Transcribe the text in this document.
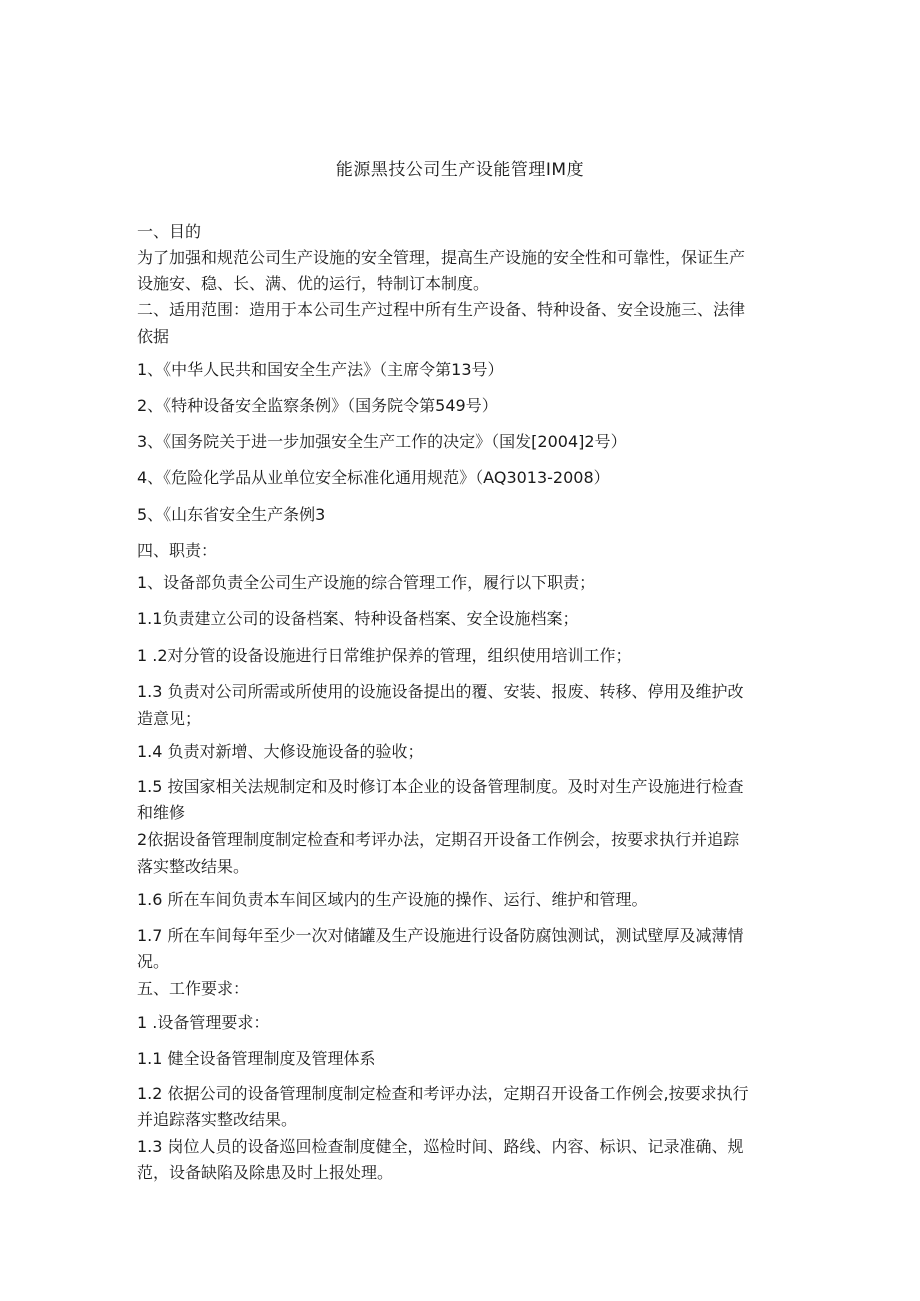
能源黑技公司生产设能管理IM度
一、目的
为了加强和规范公司生产设施的安全管理，提高生产设施的安全性和可靠性，保证生产
设施安、稳、长、满、优的运行，特制订本制度。
二、适用范围：造用于本公司生产过程中所有生产设备、特种设备、安全设施三、法律
依据
1、《中华人民共和国安全生产法》（主席令第13号）
2、《特种设备安全监察条例》（国务院令第549号）
3、《国务院关于进一步加强安全生产工作的决定》（国发[2004]2号）
4、《危险化学品从业单位安全标准化通用规范》（AQ3013-2008）
5、《山东省安全生产条例3
四、职责：
1、设备部负责全公司生产设施的综合管理工作，履行以下职责；
1.1负责建立公司的设备档案、特种设备档案、安全设施档案；
1 .2对分管的设备设施进行日常维护保养的管理，组织使用培训工作；
1.3 负责对公司所需或所使用的设施设备提出的覆、安装、报废、转移、停用及维护改
造意见；
1.4 负责对新增、大修设施设备的验收；
1.5 按国家相关法规制定和及时修订本企业的设备管理制度。及时对生产设施进行检查
和维修
2依据设备管理制度制定检查和考评办法，定期召开设备工作例会，按要求执行并追踪
落实整改结果。
1.6 所在车间负责本车间区域内的生产设施的操作、运行、维护和管理。
1.7 所在车间每年至少一次对储罐及生产设施进行设备防腐蚀测试，测试壁厚及减薄情
况。
五、工作要求：
1 .设备管理要求：
1.1 健全设备管理制度及管理体系
1.2 依据公司的设备管理制度制定检查和考评办法，定期召开设备工作例会,按要求执行
并追踪落实整改结果。
1.3 岗位人员的设备巡回检查制度健全，巡检时间、路线、内容、标识、记录准确、规
范，设备缺陷及除患及时上报处理。
